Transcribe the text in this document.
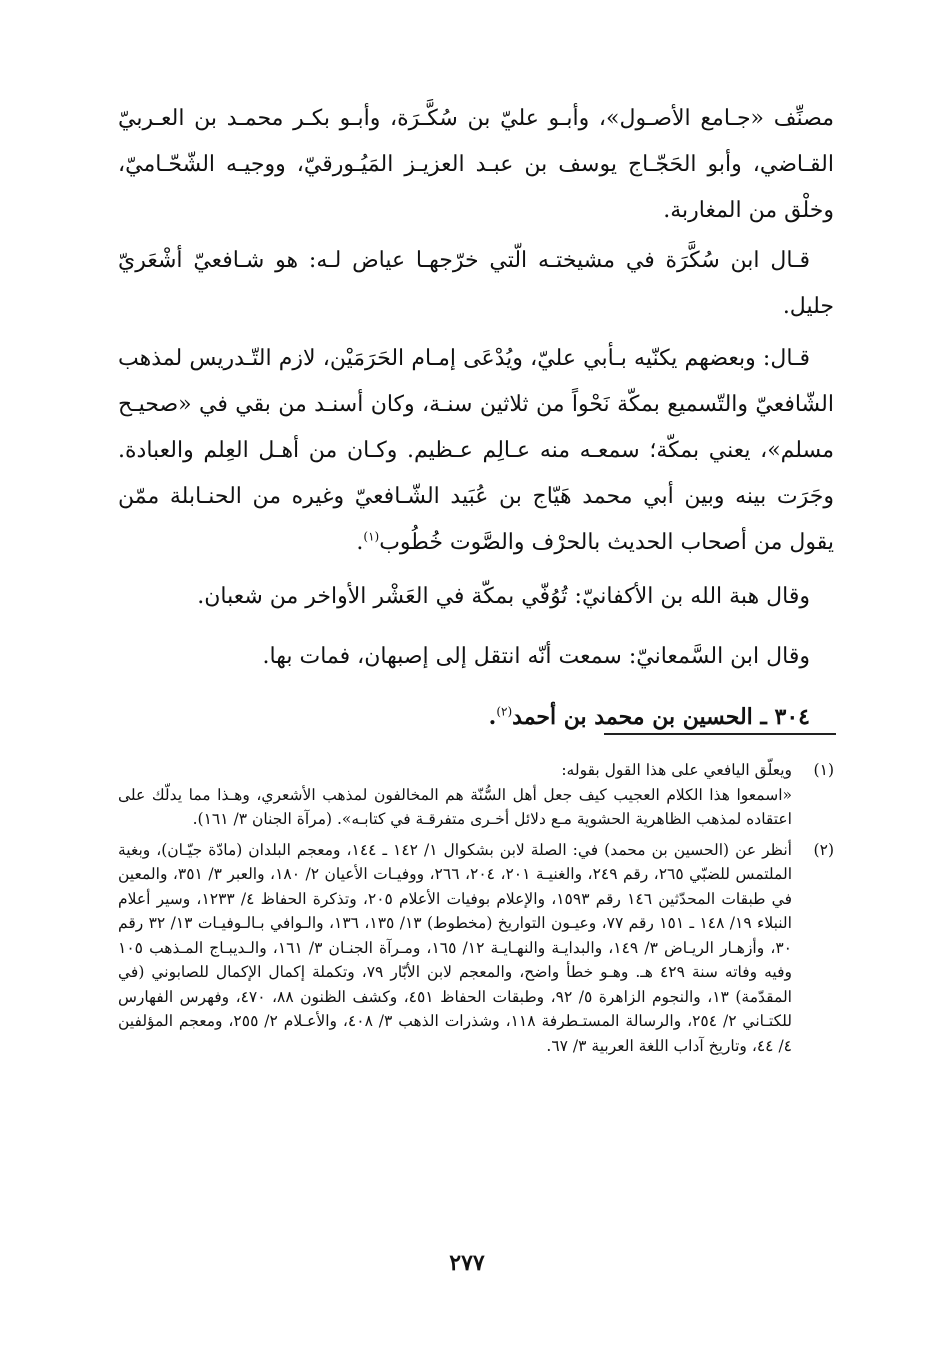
مصنِّف «جـامع الأصـول»، وأبـو عليّ بن سُكَّـرَة، وأبـو بكـر محمـد بن العـربيّ القـاضي، وأبو الحَجّـاج يوسف بن عبـد العزيـز المَيُـورقيّ، ووجيـه الشّحّـاميّ، وخلْق من المغاربة.

قـال ابن سُكَّرَة في مشيختـه الّتي خرّجهـا عياض لـه: هو شـافعيّ أشْعَريّ جليل.

قـال: وبعضهم يكنّيه بـأبي عليّ، ويُدْعَى إمـام الحَرَمَيْن، لازم التّـدريس لمذهب الشّافعيّ والتّسميع بمكّة نَحْواً من ثلاثين سنـة، وكان أسنـد من بقي في «صحيـح مسلم»، يعني بمكّة؛ سمعـه منه عـالِم عـظيم. وكـان من أهـل العِلم والعبادة. وجَرَت بينه وبين أبي محمد هَيّاج بن عُبَيد الشّـافعيّ وغيره من الحنـابلة ممّن يقول من أصحاب الحديث بالحرْف والصَّوت خُطُوب$^{(١)}$.

وقال هبة الله بن الأكفانيّ: تُوُفّي بمكّة في العَشْر الأواخر من شعبان.

وقال ابن السَّمعانيّ: سمعت أنّه انتقل إلى إصبهان، فمات بها.

٣٠٤ ـ الحسين بن محمد بن أحمد$^{(٢)}$.

(١)

ويعلّق اليافعي على هذا القول بقوله:

«اسمعوا هذا الكلام العجيب كيف جعل أهل السُّنّة هم المخالفون لمذهب الأشعري، وهـذا مما يدلّك على اعتقاده لمذهب الظاهرية الحشوية مـع دلائل أخـرى متفرقـة في كتابـه». (مرآة الجنان ٣/ ١٦١).

(٢)

أنظر عن (الحسين بن محمد) في: الصلة لابن بشكوال ١/ ١٤٢ ـ ١٤٤، ومعجم البلدان (مادّة جيّـان)، وبغية الملتمس للضبّي ٢٦٥، رقم ٢٤٩، والغنيـة ٢٠١، ٢٠٤، ٢٦٦، ووفيـات الأعيان ٢/ ١٨٠، والعبر ٣/ ٣٥١، والمعين في طبقات المحدّثين ١٤٦ رقم ١٥٩٣، والإعلام بوفيات الأعلام ٢٠٥، وتذكرة الحفاظ ٤/ ١٢٣٣، وسير أعلام النبلاء ١٩/ ١٤٨ ـ ١٥١ رقم ٧٧، وعيـون التواريخ (مخطوط) ١٣/ ١٣٥، ١٣٦، والـوافي بـالـوفيـات ١٣/ ٣٢ رقم ٣٠، وأزهـار الريـاض ٣/ ١٤٩، والبدايـة والنهـايـة ١٢/ ١٦٥، ومـرآة الجنـان ٣/ ١٦١، والـديبـاج المـذهب ١٠٥ وفيه وفاته سنة ٤٢٩ هـ. وهـو خطأ واضح، والمعجم لابن الأبّار ٧٩، وتكملة إكمال الإكمال للصابوني (في المقدّمة) ١٣، والنجوم الزاهرة ٥/ ٩٢، وطبقات الحفاظ ٤٥١، وكشف الظنون ٨٨، ٤٧٠، وفهرس الفهارس للكتـاني ٢/ ٢٥٤، والرسالة المستـطرفة ١١٨، وشذرات الذهب ٣/ ٤٠٨، والأعـلام ٢/ ٢٥٥، ومعجم المؤلفين ٤/ ٤٤، وتاريخ آداب اللغة العربية ٣/ ٦٧.

٢٧٧
